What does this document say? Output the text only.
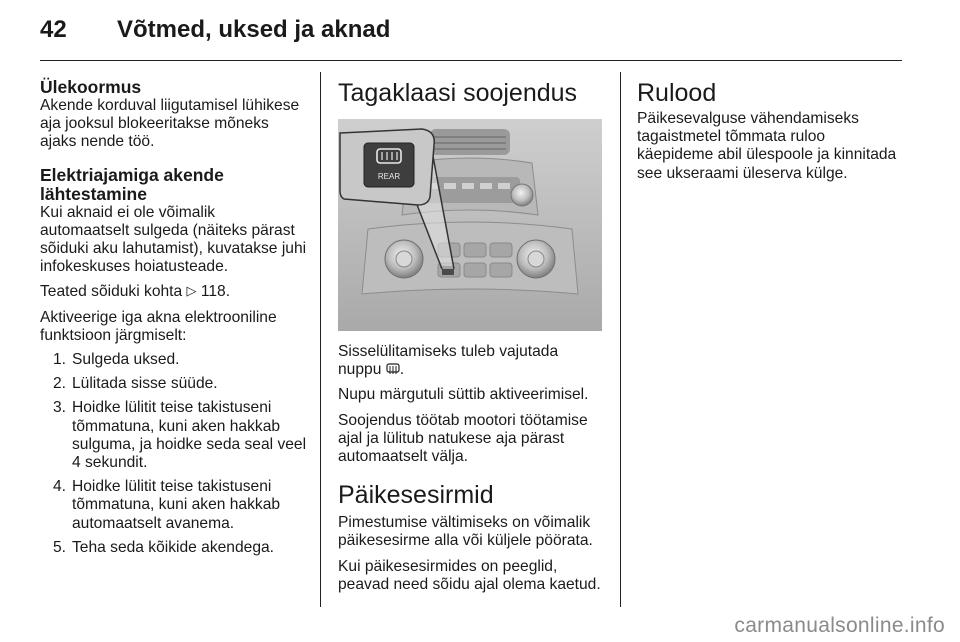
42 Võtmed, uksed ja aknad

Ülekoormus

Akende korduval liigutamisel lühikese aja jooksul blokeeritakse mõneks ajaks nende töö.

Elektriajamiga akende lähtestamine

Kui aknaid ei ole võimalik automaatselt sulgeda (näiteks pärast sõiduki aku lahutamist), kuvatakse juhi infokeskuses hoiatusteade.

Teated sõiduki kohta ▷ 118.

Aktiveerige iga akna elektrooniline funktsioon järgmiselt:

1. Sulgeda uksed.
2. Lülitada sisse süüde.
3. Hoidke lülitit teise takistuseni tõmmatuna, kuni aken hakkab sulguma, ja hoidke seda seal veel 4 sekundit.
4. Hoidke lülitit teise takistuseni tõmmatuna, kuni aken hakkab automaatselt avanema.
5. Teha seda kõikide akendega.

Tagaklaasi soojendus

REAR

Sisselülitamiseks tuleb vajutada nuppu .

Nupu märgutuli süttib aktiveerimisel.

Soojendus töötab mootori töötamise ajal ja lülitub natukese aja pärast automaatselt välja.

Päikesesirmid

Pimestumise vältimiseks on võimalik päikesesirme alla või küljele pöörata.

Kui päikesesirmides on peeglid, peavad need sõidu ajal olema kaetud.

Rulood

Päikesevalguse vähendamiseks tagaistmetel tõmmata ruloo käepideme abil ülespoole ja kinnitada see ukseraami üleserva külge.

carmanualsonline.info
